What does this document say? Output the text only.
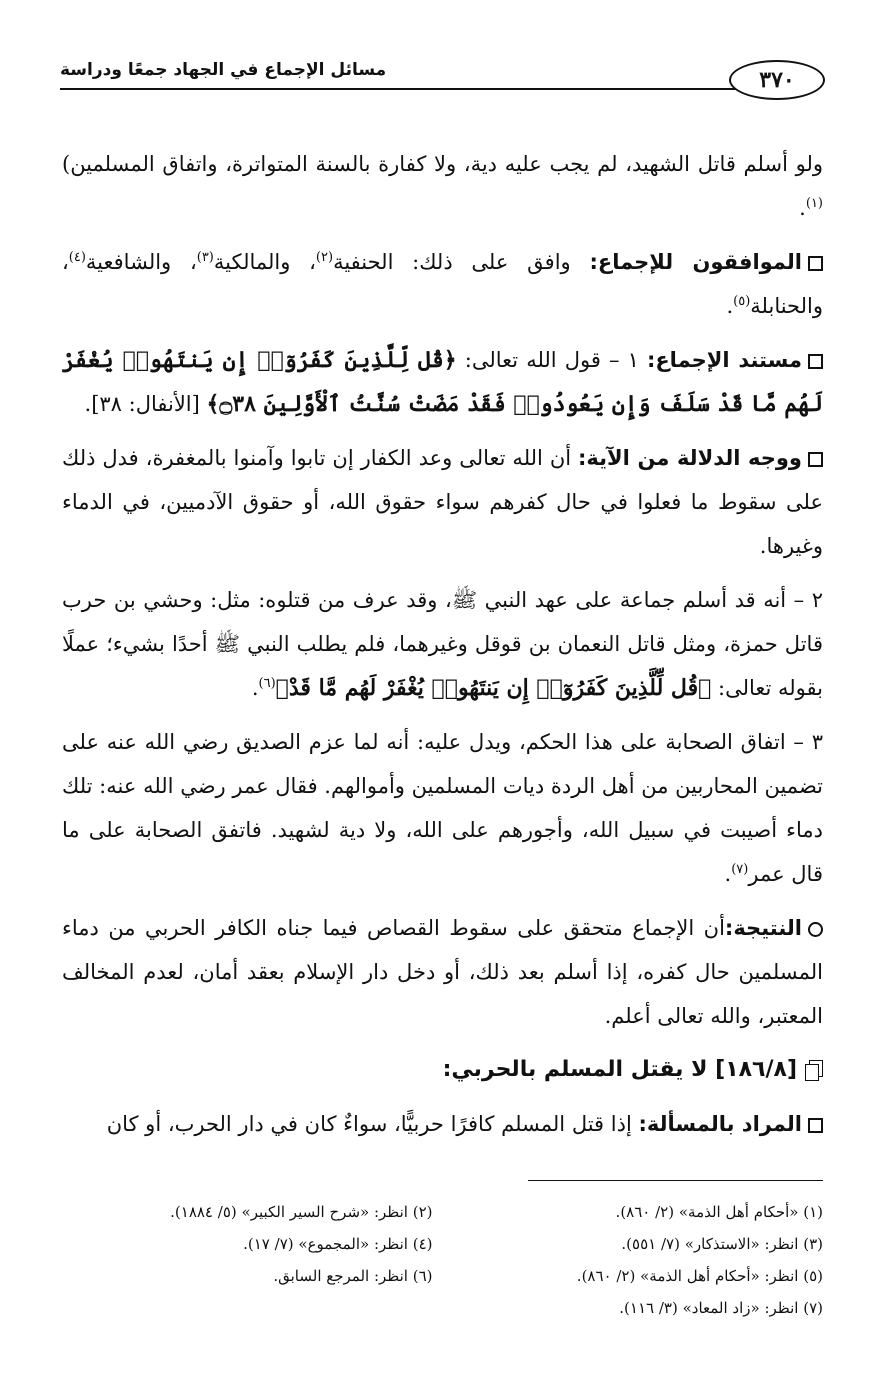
٣٧٠
مسائل الإجماع في الجهاد جمعًا ودراسة

ولو أسلم قاتل الشهيد، لم يجب عليه دية، ولا كفارة بالسنة المتواترة، واتفاق المسلمين)$^{(١)}$.

الموافقون للإجماع: وافق على ذلك: الحنفية$^{(٢)}$، والمالكية$^{(٣)}$، والشافعية$^{(٤)}$، والحنابلة$^{(٥)}$.

مستند الإجماع: ١ – قول الله تعالى: ﴿قُل لِّلَّذِينَ كَفَرُوٓا۟ إِن يَنتَهُوا۟ يُغْفَرْ لَهُم مَّا قَدْ سَلَفَ وَإِن يَعُودُوا۟ فَقَدْ مَضَتْ سُنَّتُ ٱلْأَوَّلِينَ ۝٣٨﴾ [الأنفال: ٣٨].

ووجه الدلالة من الآية: أن الله تعالى وعد الكفار إن تابوا وآمنوا بالمغفرة، فدل ذلك على سقوط ما فعلوا في حال كفرهم سواء حقوق الله، أو حقوق الآدميين، في الدماء وغيرها.

٢ – أنه قد أسلم جماعة على عهد النبي ﷺ، وقد عرف من قتلوه: مثل: وحشي بن حرب قاتل حمزة، ومثل قاتل النعمان بن قوقل وغيرهما، فلم يطلب النبي ﷺ أحدًا بشيء؛ عملًا بقوله تعالى: ﴿قُل لِّلَّذِينَ كَفَرُوٓا۟ إِن يَنتَهُوا۟ يُغْفَرْ لَهُم مَّا قَدْ﴾$^{(٦)}$.

٣ – اتفاق الصحابة على هذا الحكم، ويدل عليه: أنه لما عزم الصديق رضي الله عنه على تضمين المحاربين من أهل الردة ديات المسلمين وأموالهم. فقال عمر رضي الله عنه: تلك دماء أصيبت في سبيل الله، وأجورهم على الله، ولا دية لشهيد. فاتفق الصحابة على ما قال عمر$^{(٧)}$.

النتيجة:أن الإجماع متحقق على سقوط القصاص فيما جناه الكافر الحربي من دماء المسلمين حال كفره، إذا أسلم بعد ذلك، أو دخل دار الإسلام بعقد أمان، لعدم المخالف المعتبر، والله تعالى أعلم.

[١٨٦/٨] لا يقتل المسلم بالحربي:

المراد بالمسألة: إذا قتل المسلم كافرًا حربيًّا، سواءٌ كان في دار الحرب، أو كان

(١) «أحكام أهل الذمة» (٢/ ٨٦٠).
(٢) انظر: «شرح السير الكبير» (٥/ ١٨٨٤).
(٣) انظر: «الاستذكار» (٧/ ٥٥١).
(٤) انظر: «المجموع» (٧/ ١٧).
(٥) انظر: «أحكام أهل الذمة» (٢/ ٨٦٠).
(٦) انظر: المرجع السابق.
(٧) انظر: «زاد المعاد» (٣/ ١١٦).
